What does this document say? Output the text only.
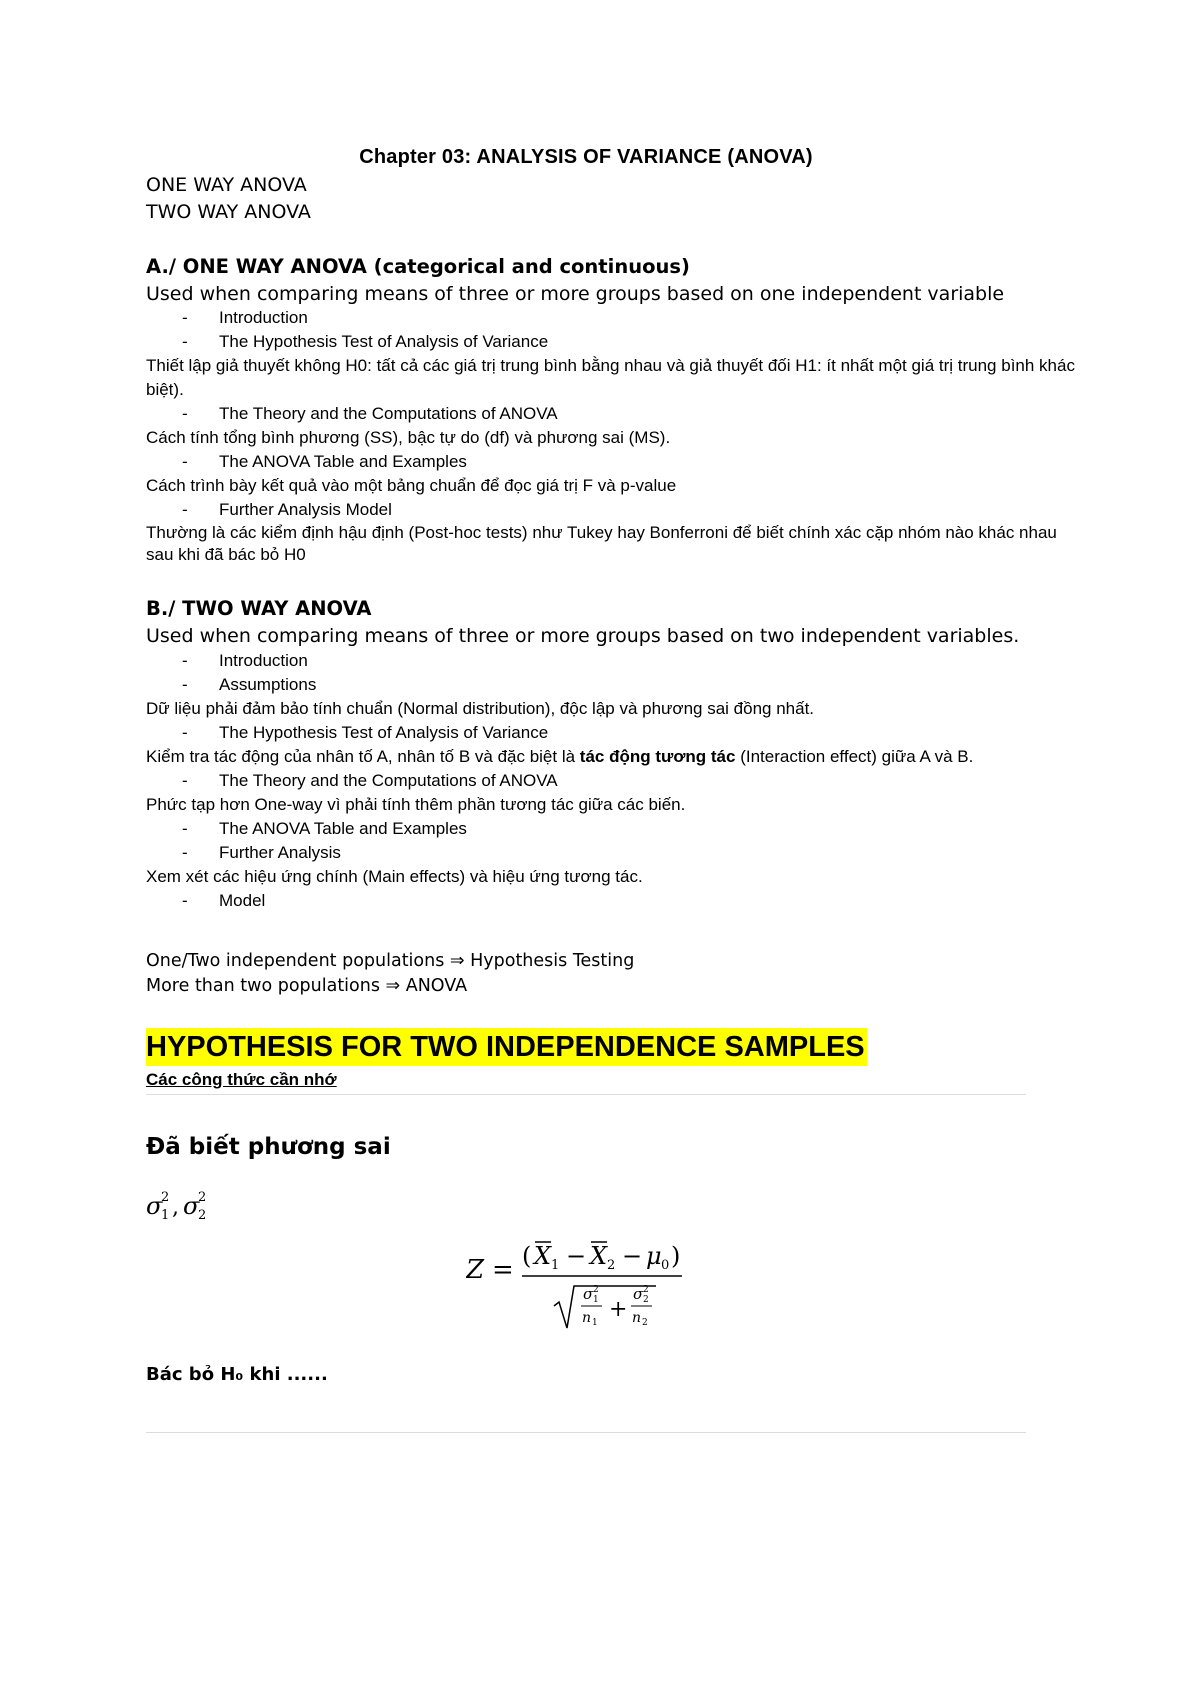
Chapter 03: ANALYSIS OF VARIANCE (ANOVA)
ONE WAY ANOVA
TWO WAY ANOVA
A./ ONE WAY ANOVA (categorical and continuous)
Used when comparing means of three or more groups based on one independent variable
- Introduction
- The Hypothesis Test of Analysis of Variance
Thiết lập giả thuyết không H0: tất cả các giá trị trung bình bằng nhau và giả thuyết đối H1: ít nhất một giá trị trung bình khác biệt).
- The Theory and the Computations of ANOVA
Cách tính tổng bình phương (SS), bậc tự do (df) và phương sai (MS).
- The ANOVA Table and Examples
Cách trình bày kết quả vào một bảng chuẩn để đọc giá trị F và p-value
- Further Analysis Model
Thường là các kiểm định hậu định (Post-hoc tests) như Tukey hay Bonferroni để biết chính xác cặp nhóm nào khác nhau sau khi đã bác bỏ H0
B./ TWO WAY ANOVA
Used when comparing means of three or more groups based on two independent variables.
- Introduction
- Assumptions
Dữ liệu phải đảm bảo tính chuẩn (Normal distribution), độc lập và phương sai đồng nhất.
- The Hypothesis Test of Analysis of Variance
Kiểm tra tác động của nhân tố A, nhân tố B và đặc biệt là tác động tương tác (Interaction effect) giữa A và B.
- The Theory and the Computations of ANOVA
Phức tạp hơn One-way vì phải tính thêm phần tương tác giữa các biến.
- The ANOVA Table and Examples
- Further Analysis
Xem xét các hiệu ứng chính (Main effects) và hiệu ứng tương tác.
- Model
One/Two independent populations ⇒ Hypothesis Testing
More than two populations ⇒ ANOVA
HYPOTHESIS FOR TWO INDEPENDENCE SAMPLES
Các công thức cần nhớ
Đã biết phương sai
σ
2
1 , σ
2
2
Z = ( X 1 − X 2 − μ 0 )
σ 2
1
n 1
+
σ 2
2
n 2
Bác bỏ H₀ khi ......
